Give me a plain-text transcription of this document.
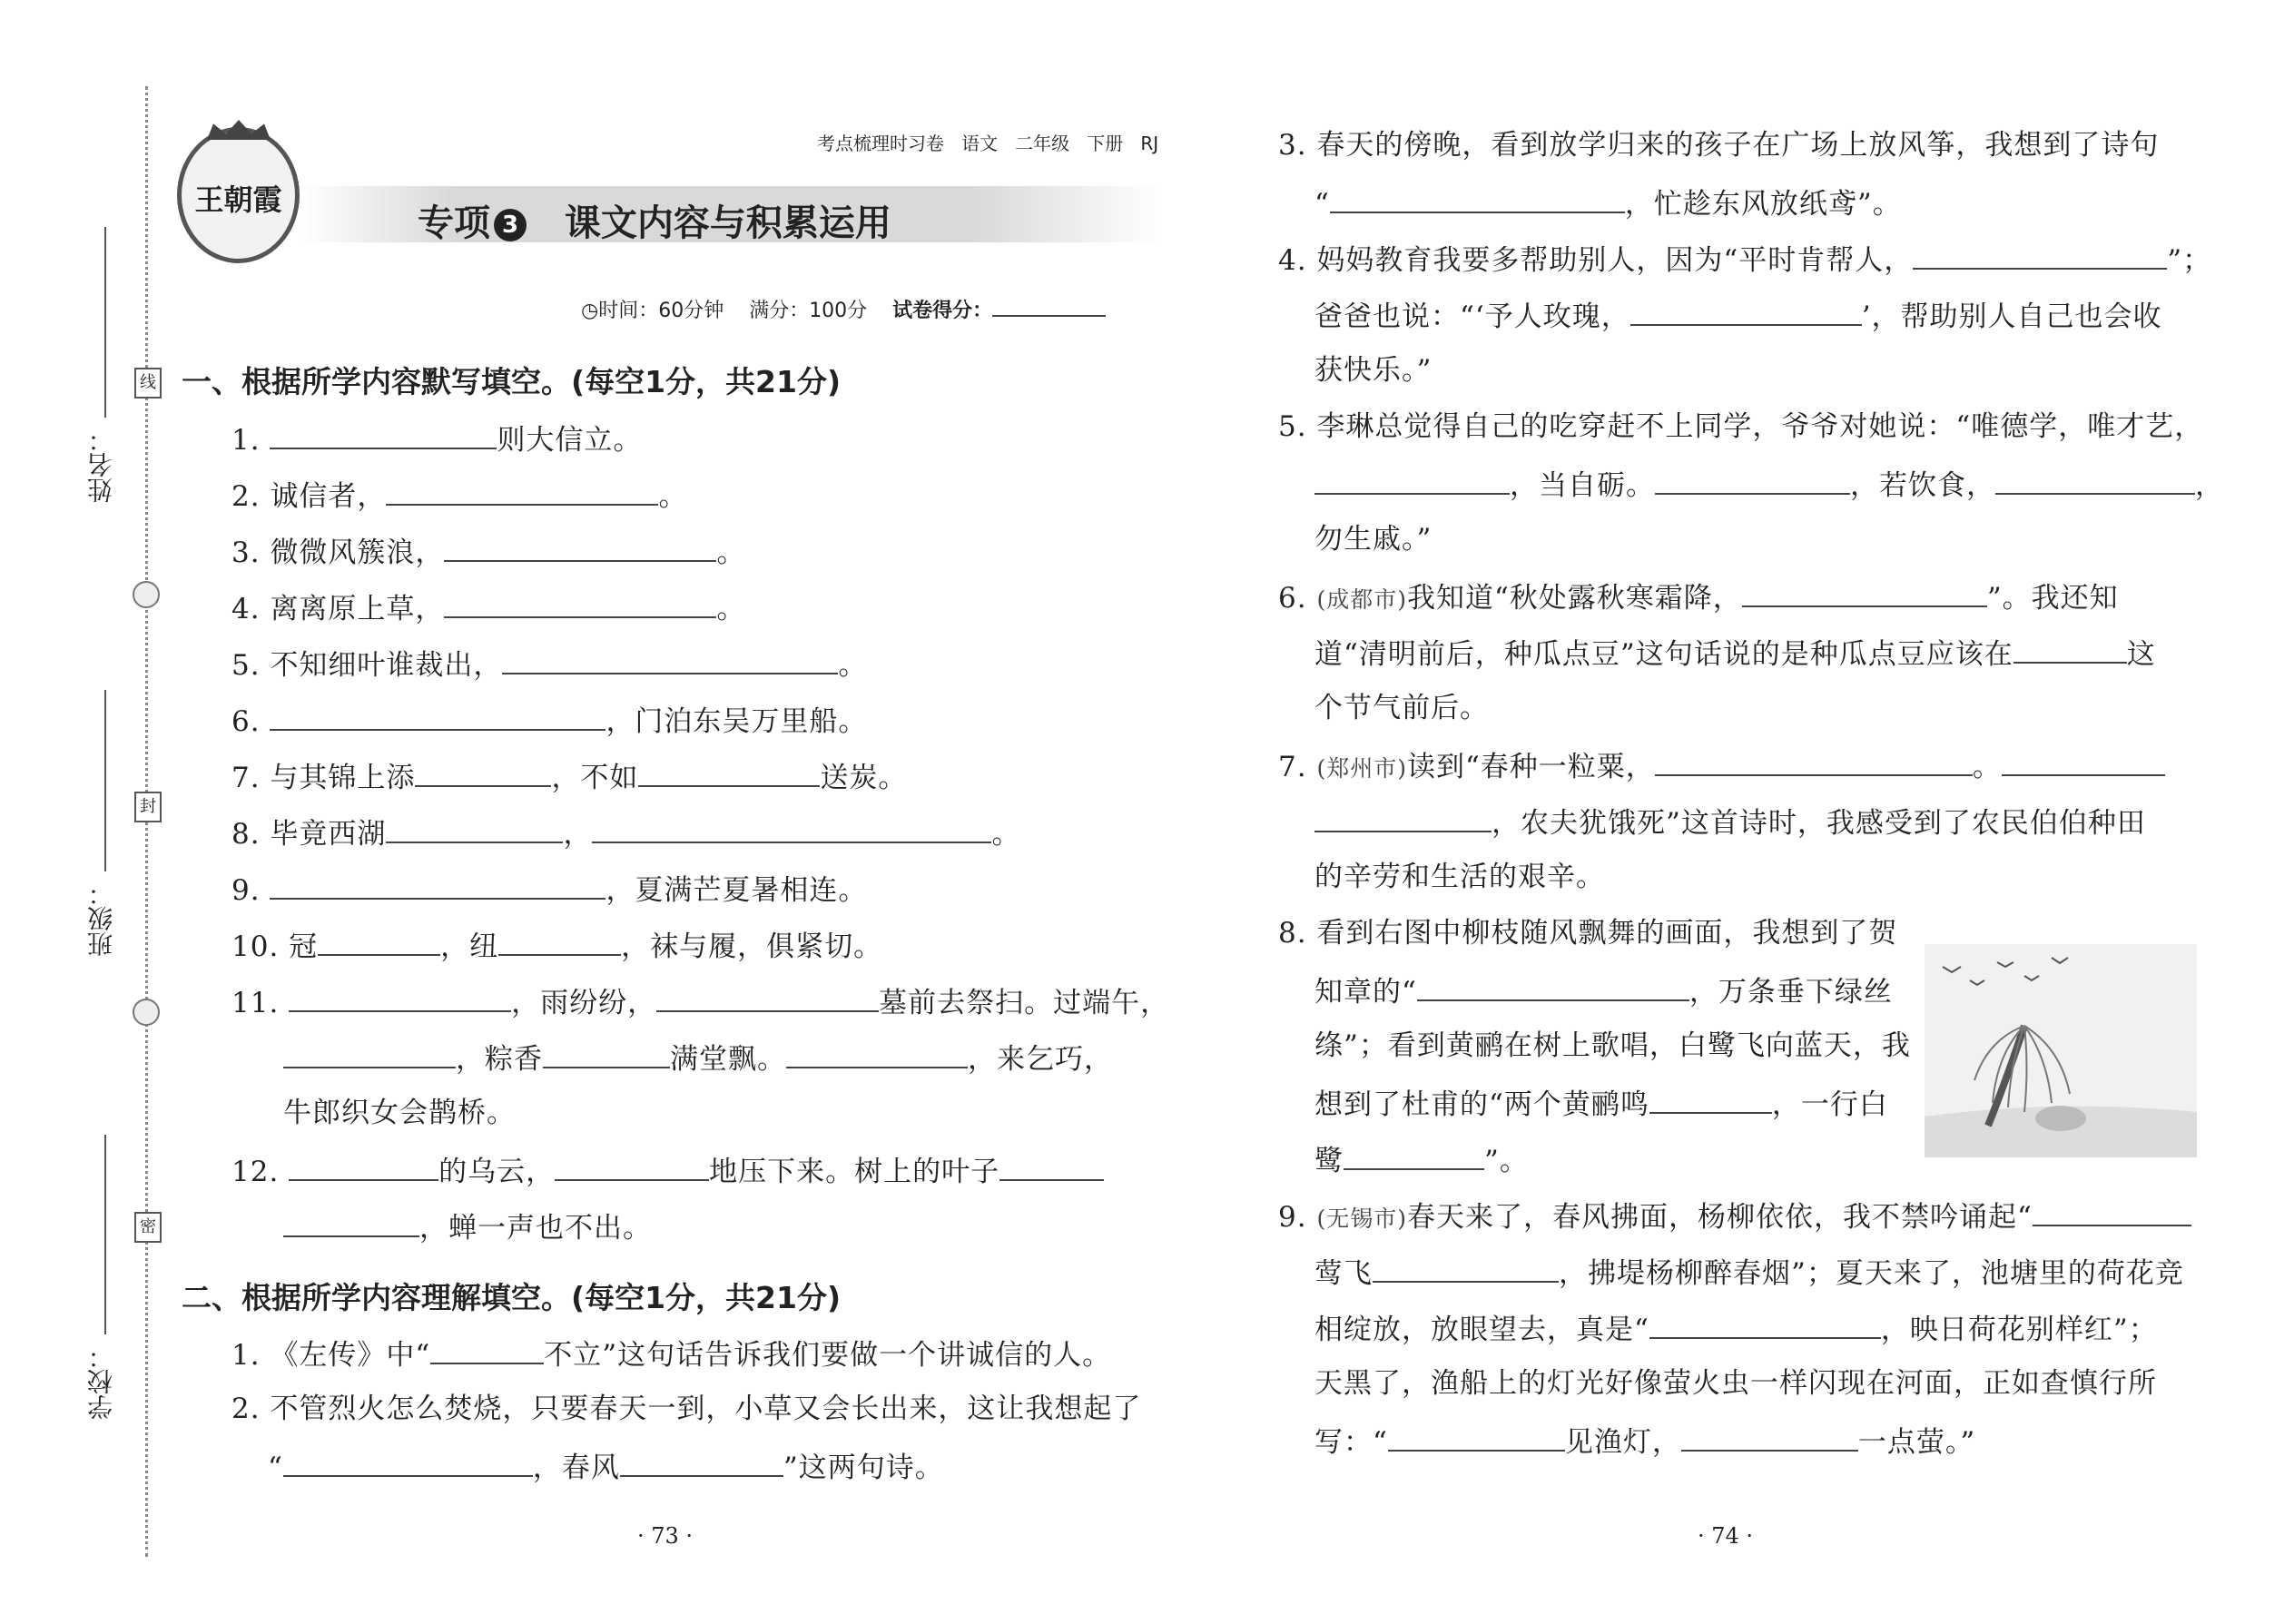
姓名：
班级：
学校：
线
封
密
王朝霞
考点梳理时习卷 语文 二年级 下册 RJ
专项 3 课文内容与积累运用
◷时间：60分钟 满分：100分 试卷得分：
一、根据所学内容默写填空。(每空1分，共21分)
1.	则大信立。
2. 诚信者，	。
3. 微微风簇浪，	。
4. 离离原上草，	。
5. 不知细叶谁裁出，	。
6.	，门泊东吴万里船。
7. 与其锦上添	，不如	送炭。
8. 毕竟西湖	，	。
9.	，夏满芒夏暑相连。
10. 冠	，纽	，袜与履，俱紧切。
11.	，雨纷纷，	墓前去祭扫。过端午，
，粽香	满堂飘。	，来乞巧，
牛郎织女会鹊桥。
12.	的乌云，	地压下来。树上的叶子
，蝉一声也不出。
二、根据所学内容理解填空。(每空1分，共21分)
1. 《左传》中“	不立”这句话告诉我们要做一个讲诚信的人。
2. 不管烈火怎么焚烧，只要春天一到，小草又会长出来，这让我想起了
“	，春风	”这两句诗。
· 73 ·
3. 春天的傍晚，看到放学归来的孩子在广场上放风筝，我想到了诗句
“	，忙趁东风放纸鸢”。
4. 妈妈教育我要多帮助别人，因为“平时肯帮人，	”；
爸爸也说：“‘予人玫瑰，	’，帮助别人自己也会收
获快乐。”
5. 李琳总觉得自己的吃穿赶不上同学，爷爷对她说：“唯德学，唯才艺，
，当自砺。	，若饮食，	，
勿生戚。”
6. (成都市)我知道“秋处露秋寒霜降，	”。我还知
道“清明前后，种瓜点豆”这句话说的是种瓜点豆应该在	这
个节气前后。
7. (郑州市)读到“春种一粒粟，	。
，农夫犹饿死”这首诗时，我感受到了农民伯伯种田
的辛劳和生活的艰辛。
8. 看到右图中柳枝随风飘舞的画面，我想到了贺
知章的“	，万条垂下绿丝
绦”；看到黄鹂在树上歌唱，白鹭飞向蓝天，我
想到了杜甫的“两个黄鹂鸣	，一行白
鹭	”。
9. (无锡市)春天来了，春风拂面，杨柳依依，我不禁吟诵起“
莺飞	，拂堤杨柳醉春烟”；夏天来了，池塘里的荷花竞
相绽放，放眼望去，真是“	，映日荷花别样红”；
天黑了，渔船上的灯光好像萤火虫一样闪现在河面，正如查慎行所
写：“	见渔灯，	一点萤。”
· 74 ·
